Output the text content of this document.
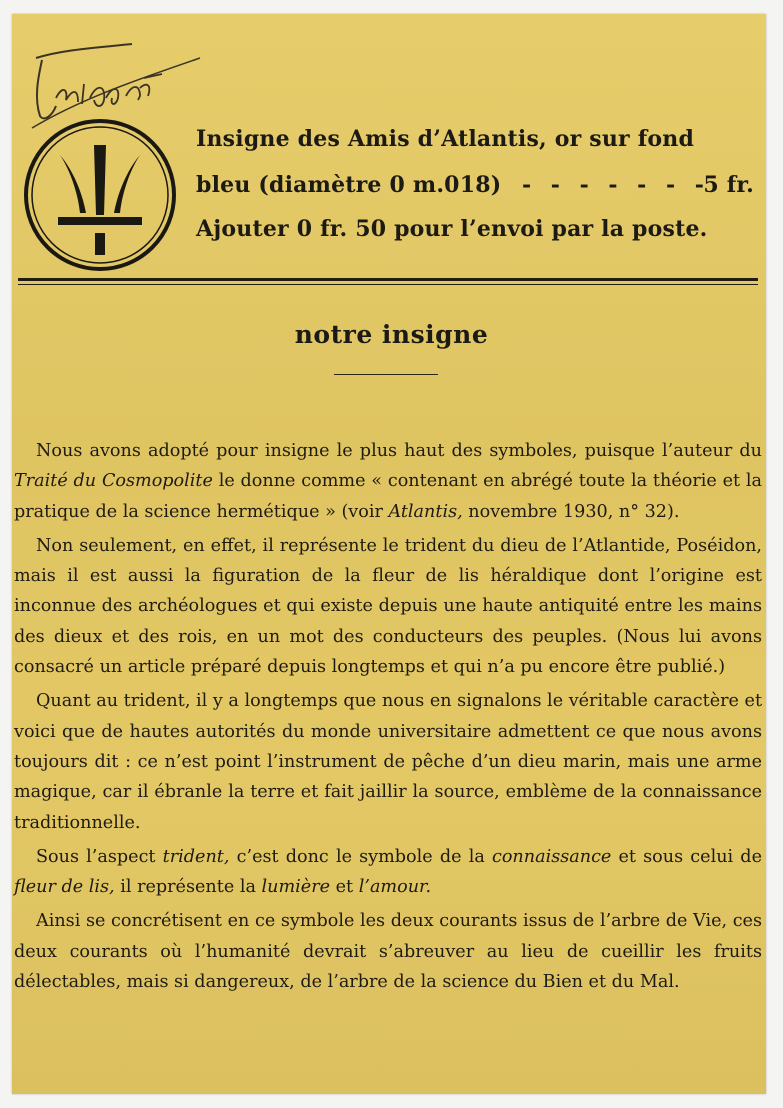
Insigne des Amis d’Atlantis, or sur fond
bleu (diamètre 0 m.018) - - - - - - -
5 fr.
Ajouter 0 fr. 50 pour l’envoi par la poste.
notre insigne

Nous avons adopté pour insigne le plus haut des symboles, puisque l’auteur du Traité du Cosmopolite le donne comme « contenant en abrégé toute la théorie et la pratique de la science hermétique » (voir Atlantis, novembre 1930, n° 32).

Non seulement, en effet, il représente le trident du dieu de l’Atlantide, Poséidon, mais il est aussi la figuration de la fleur de lis héraldique dont l’origine est inconnue des archéologues et qui existe depuis une haute antiquité entre les mains des dieux et des rois, en un mot des conducteurs des peuples. (Nous lui avons consacré un article préparé depuis longtemps et qui n’a pu encore être publié.)

Quant au trident, il y a longtemps que nous en signalons le véritable caractère et voici que de hautes autorités du monde universitaire admettent ce que nous avons toujours dit : ce n’est point l’instrument de pêche d’un dieu marin, mais une arme magique, car il ébranle la terre et fait jaillir la source, emblème de la connaissance traditionnelle.

Sous l’aspect trident, c’est donc le symbole de la connaissance et sous celui de fleur de lis, il représente la lumière et l’amour.

Ainsi se concrétisent en ce symbole les deux courants issus de l’arbre de Vie, ces deux courants où l’humanité devrait s’abreuver au lieu de cueillir les fruits délectables, mais si dangereux, de l’arbre de la science du Bien et du Mal.
